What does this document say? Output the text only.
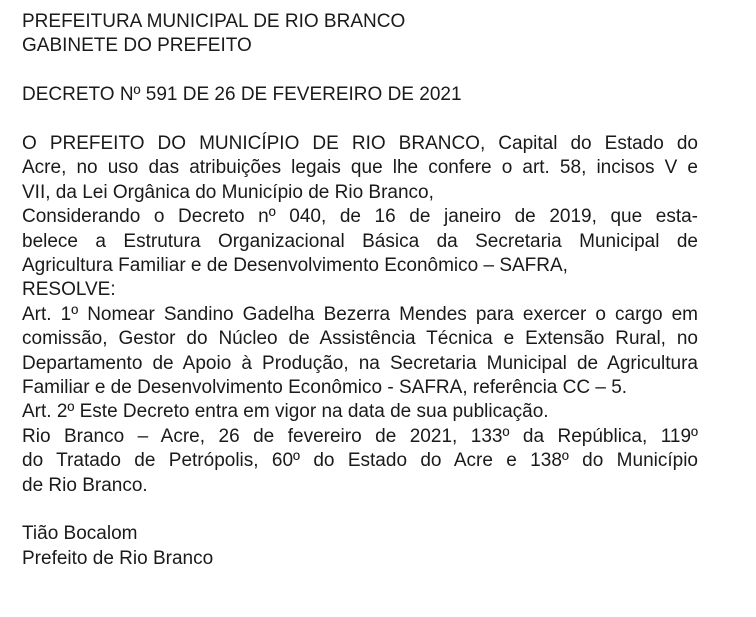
PREFEITURA MUNICIPAL DE RIO BRANCO
GABINETE DO PREFEITO
DECRETO Nº 591 DE 26 DE FEVEREIRO DE 2021
O PREFEITO DO MUNICÍPIO DE RIO BRANCO, Capital do Estado do
Acre, no uso das atribuições legais que lhe confere o art. 58, incisos V e
VII, da Lei Orgânica do Município de Rio Branco,
Considerando o Decreto nº 040, de 16 de janeiro de 2019, que esta-
belece a Estrutura Organizacional Básica da Secretaria Municipal de
Agricultura Familiar e de Desenvolvimento Econômico – SAFRA,
RESOLVE:
Art. 1º Nomear Sandino Gadelha Bezerra Mendes para exercer o cargo em
comissão, Gestor do Núcleo de Assistência Técnica e Extensão Rural, no
Departamento de Apoio à Produção, na Secretaria Municipal de Agricultura
Familiar e de Desenvolvimento Econômico - SAFRA, referência CC – 5.
Art. 2º Este Decreto entra em vigor na data de sua publicação.
Rio Branco – Acre, 26 de fevereiro de 2021, 133º da República, 119º
do Tratado de Petrópolis, 60º do Estado do Acre e 138º do Município
de Rio Branco.
Tião Bocalom
Prefeito de Rio Branco
